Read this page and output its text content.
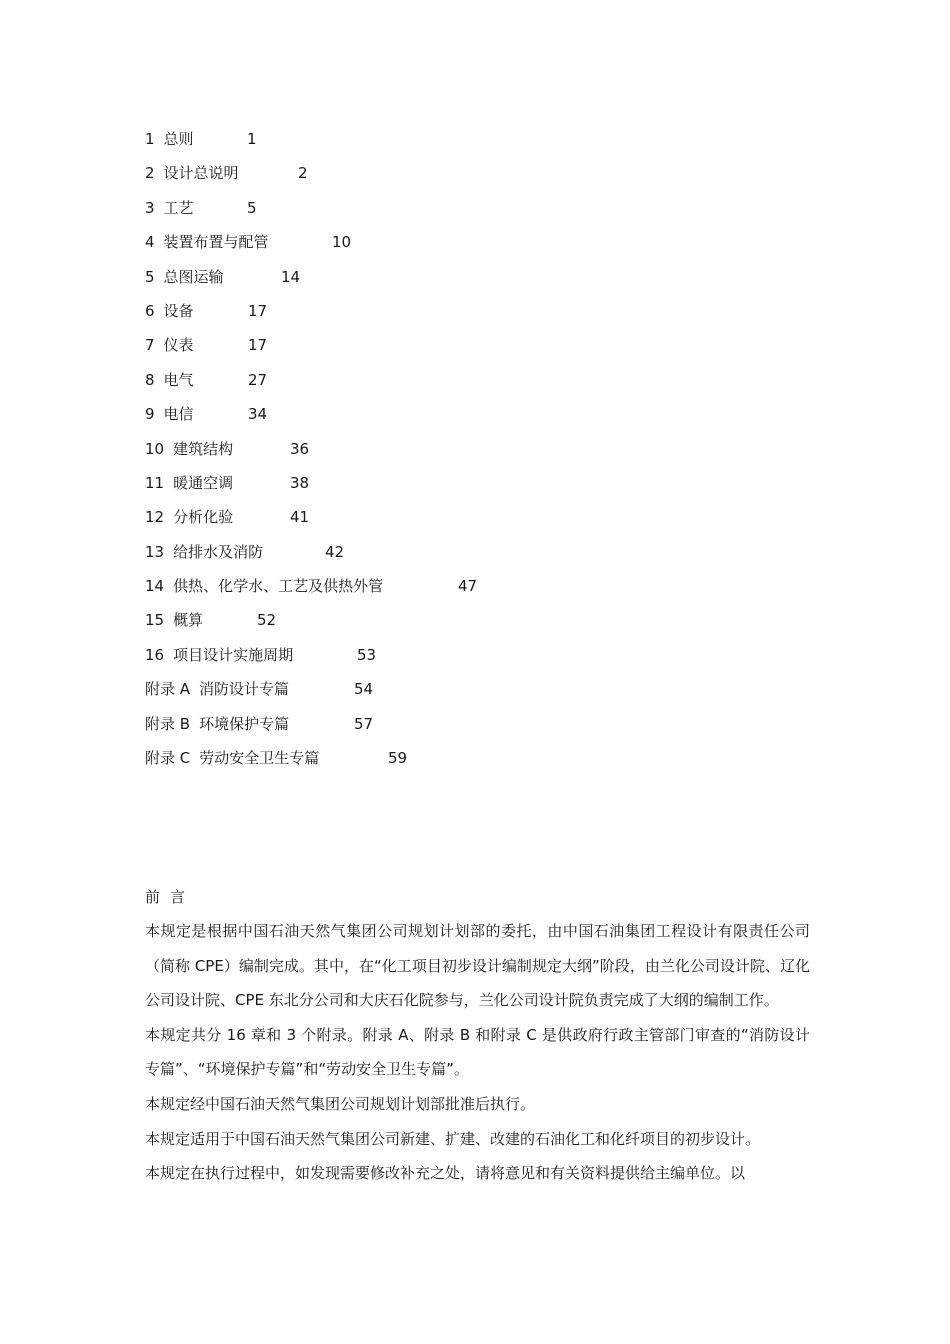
1 总则	1
2 设计总说明	2
3 工艺	5
4 装置布置与配管	10
5 总图运输	14
6 设备	17
7 仪表	17
8 电气	27
9 电信	34
10 建筑结构	36
11 暖通空调	38
12 分析化验	41
13 给排水及消防	42
14 供热、化学水、工艺及供热外管	47
15 概算	52
16 项目设计实施周期	53
附录 A 消防设计专篇	54
附录 B 环境保护专篇	57
附录 C 劳动安全卫生专篇	59
前言

本规定是根据中国石油天然气集团公司规划计划部的委托，由中国石油集团工程设计有限责任公司（简称 CPE）编制完成。其中，在“化工项目初步设计编制规定大纲”阶段，由兰化公司设计院、辽化公司设计院、CPE 东北分公司和大庆石化院参与，兰化公司设计院负责完成了大纲的编制工作。

本规定共分 16 章和 3 个附录。附录 A、附录 B 和附录 C 是供政府行政主管部门审查的“消防设计专篇”、“环境保护专篇”和“劳动安全卫生专篇”。

本规定经中国石油天然气集团公司规划计划部批准后执行。

本规定适用于中国石油天然气集团公司新建、扩建、改建的石油化工和化纤项目的初步设计。

本规定在执行过程中，如发现需要修改补充之处，请将意见和有关资料提供给主编单位。以
